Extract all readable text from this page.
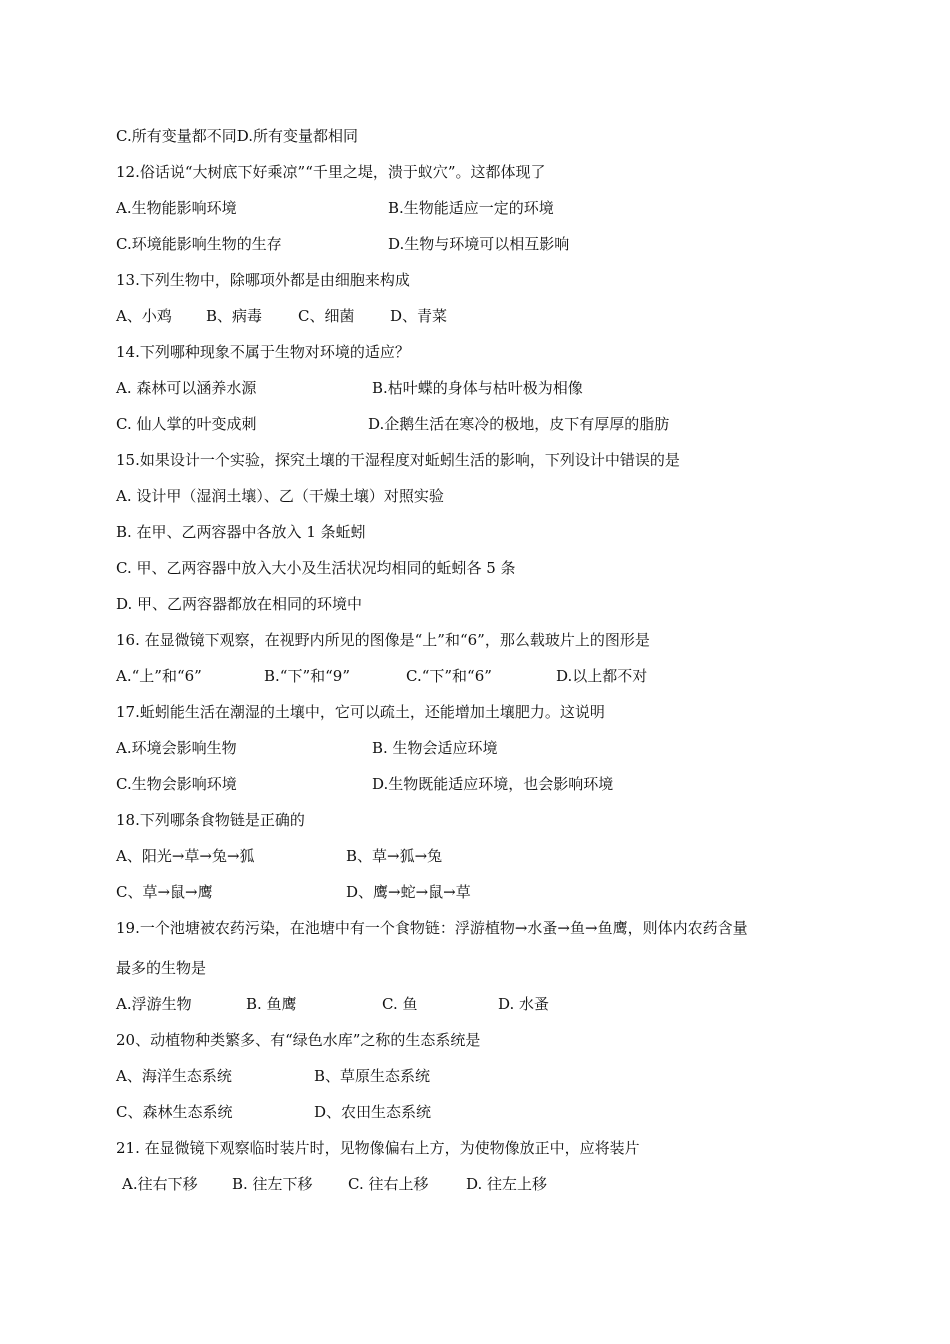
C.所有变量都不同D.所有变量都相同
12.俗话说“大树底下好乘凉”“千里之堤，溃于蚁穴”。这都体现了
A.生物能影响环境	B.生物能适应一定的环境
C.环境能影响生物的生存	D.生物与环境可以相互影响
13.下列生物中，除哪项外都是由细胞来构成
A、小鸡 B、病毒 C、细菌 D、青菜
14.下列哪种现象不属于生物对环境的适应？
A. 森林可以涵养水源	B.枯叶蝶的身体与枯叶极为相像
C. 仙人掌的叶变成刺	D.企鹅生活在寒冷的极地，皮下有厚厚的脂肪
15.如果设计一个实验，探究土壤的干湿程度对蚯蚓生活的影响，下列设计中错误的是
A. 设计甲（湿润土壤）、乙（干燥土壤）对照实验
B. 在甲、乙两容器中各放入 1 条蚯蚓
C. 甲、乙两容器中放入大小及生活状况均相同的蚯蚓各 5 条
D. 甲、乙两容器都放在相同的环境中
16. 在显微镜下观察，在视野内所见的图像是“上”和“6”，那么载玻片上的图形是
A.“上”和“6”	B.“下”和“9”	C.“下”和“6”	D.以上都不对
17.蚯蚓能生活在潮湿的土壤中，它可以疏土，还能增加土壤肥力。这说明
A.环境会影响生物	B. 生物会适应环境
C.生物会影响环境	D.生物既能适应环境，也会影响环境
18.下列哪条食物链是正确的
A、阳光→草→兔→狐	B、草→狐→兔
C、草→鼠→鹰	D、鹰→蛇→鼠→草
19.一个池塘被农药污染，在池塘中有一个食物链：浮游植物→水蚤→鱼→鱼鹰，则体内农药含量
最多的生物是
A.浮游生物	B. 鱼鹰	C. 鱼	D. 水蚤
20、动植物种类繁多、有“绿色水库”之称的生态系统是
A、海洋生态系统	B、草原生态系统
C、森林生态系统	D、农田生态系统
21. 在显微镜下观察临时装片时，见物像偏右上方，为使物像放正中，应将装片
A.往右下移 B. 往左下移 C. 往右上移	D. 往左上移
